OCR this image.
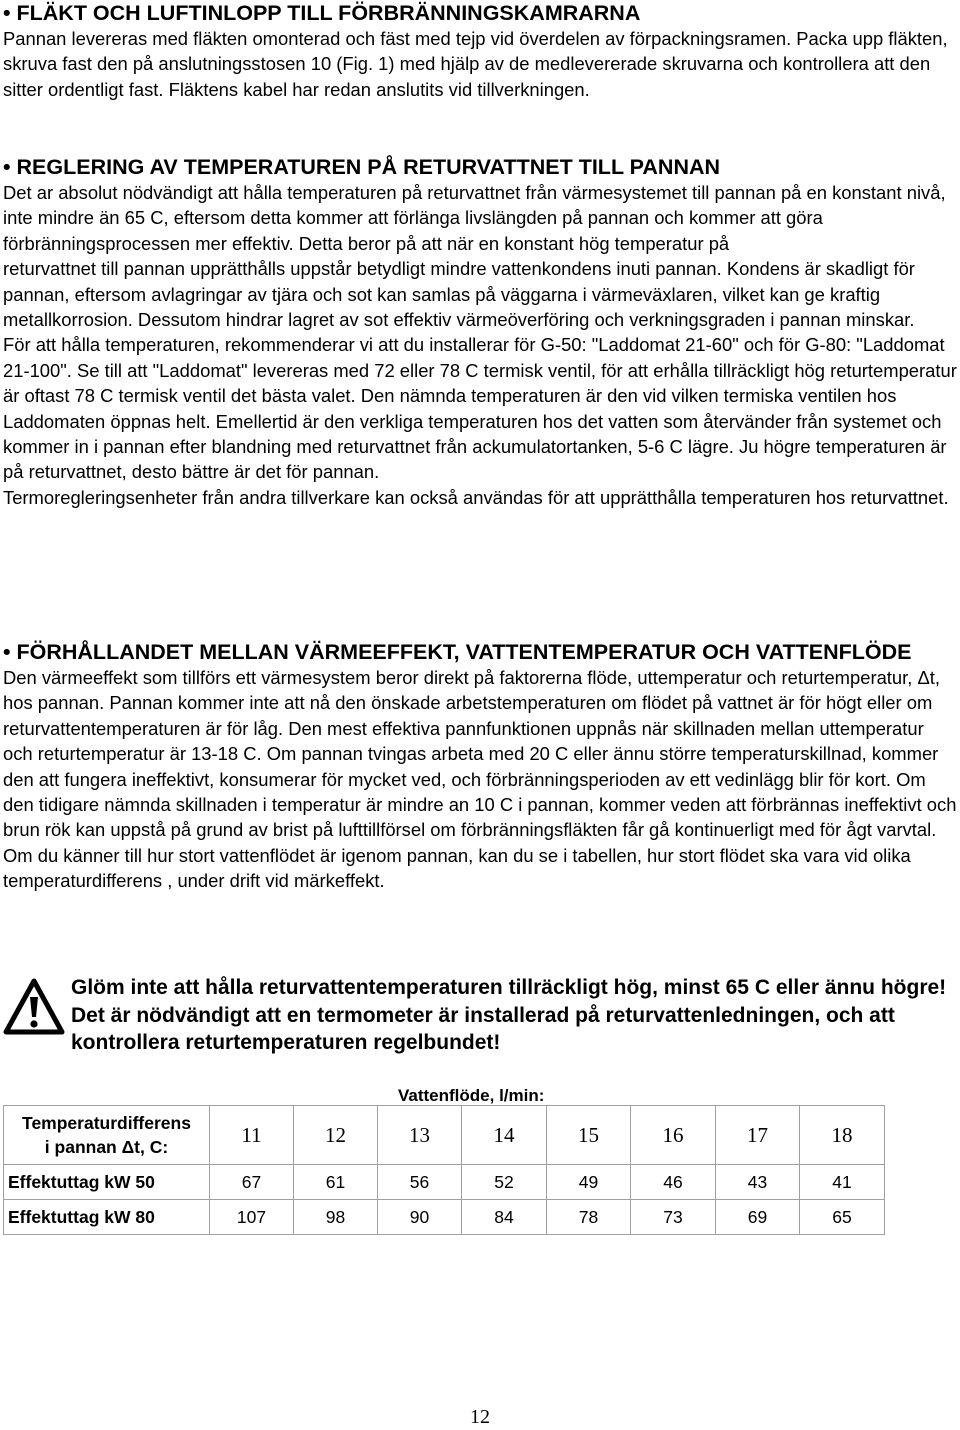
• FLÄKT OCH LUFTINLOPP TILL FÖRBRÄNNINGSKAMRARNA

Pannan levereras med fläkten omonterad och fäst med tejp vid överdelen av förpackningsramen. Packa upp fläkten, skruva fast den på anslutningsstosen 10 (Fig. 1) med hjälp av de medlevererade skruvarna och kontrollera att den sitter ordentligt fast. Fläktens kabel har redan anslutits vid tillverkningen.

• REGLERING AV TEMPERATUREN PÅ RETURVATTNET TILL PANNAN

Det ar absolut nödvändigt att hålla temperaturen på returvattnet från värmesystemet till pannan på en konstant nivå, inte mindre än 65 C, eftersom detta kommer att förlänga livslängden på pannan och kommer att göra förbränningsprocessen mer effektiv. Detta beror på att när en konstant hög temperatur på

returvattnet till pannan upprätthålls uppstår betydligt mindre vattenkondens inuti pannan. Kondens är skadligt för pannan, eftersom avlagringar av tjära och sot kan samlas på väggarna i värmeväxlaren, vilket kan ge kraftig metallkorrosion. Dessutom hindrar lagret av sot effektiv värmeöverföring och verkningsgraden i pannan minskar.

För att hålla temperaturen, rekommenderar vi att du installerar för G-50: "Laddomat 21-60" och för G-80: "Laddomat 21-100". Se till att "Laddomat" levereras med 72 eller 78 C termisk ventil, för att erhålla tillräckligt hög returtemperatur är oftast 78 C termisk ventil det bästa valet. Den nämnda temperaturen är den vid vilken termiska ventilen hos Laddomaten öppnas helt. Emellertid är den verkliga temperaturen hos det vatten som återvänder från systemet och kommer in i pannan efter blandning med returvattnet från ackumulatortanken, 5-6 C lägre. Ju högre temperaturen är på returvattnet, desto bättre är det för pannan.

Termoregleringsenheter från andra tillverkare kan också användas för att upprätthålla temperaturen hos returvattnet.

• FÖRHÅLLANDET MELLAN VÄRMEEFFEKT, VATTENTEMPERATUR OCH VATTENFLÖDE

Den värmeeffekt som tillförs ett värmesystem beror direkt på faktorerna flöde, uttemperatur och returtemperatur, Δt, hos pannan. Pannan kommer inte att nå den önskade arbetstemperaturen om flödet på vattnet är för högt eller om returvattentemperaturen är för låg. Den mest effektiva pannfunktionen uppnås när skillnaden mellan uttemperatur och returtemperatur är 13-18 C. Om pannan tvingas arbeta med 20 C eller ännu större temperaturskillnad, kommer den att fungera ineffektivt, konsumerar för mycket ved, och förbränningsperioden av ett vedinlägg blir för kort. Om den tidigare nämnda skillnaden i temperatur är mindre an 10 C i pannan, kommer veden att förbrännas ineffektivt och brun rök kan uppstå på grund av brist på lufttillförsel om förbränningsfläkten får gå kontinuerligt med för ågt varvtal. Om du känner till hur stort vattenflödet är igenom pannan, kan du se i tabellen, hur stort flödet ska vara vid olika temperaturdifferens , under drift vid märkeffekt.

Glöm inte att hålla returvattentemperaturen tillräckligt hög, minst 65 C eller ännu högre! Det är nödvändigt att en termometer är installerad på returvattenledningen, och att kontrollera returtemperaturen regelbundet!
Vattenflöde, l/min:
Temperaturdifferens
i pannan Δt, C:	11	12	13	14	15	16	17	18
Effektuttag kW 50	67	61	56	52	49	46	43	41
Effektuttag kW 80	107	98	90	84	78	73	69	65
12
